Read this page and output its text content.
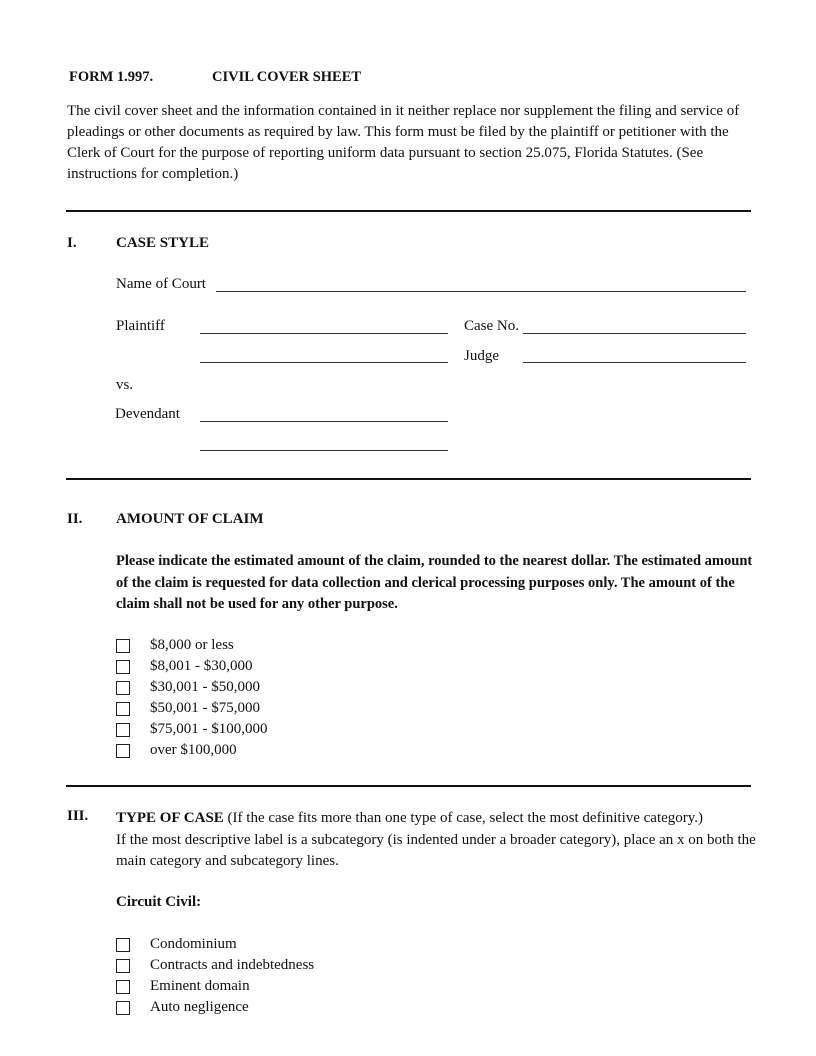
FORM 1.997.	CIVIL COVER SHEET
The civil cover sheet and the information contained in it neither replace nor supplement the filing and service of pleadings or other documents as required by law. This form must be filed by the plaintiff or petitioner with the Clerk of Court for the purpose of reporting uniform data pursuant to section 25.075, Florida Statutes. (See instructions for completion.)
I.	CASE STYLE
Name of Court
Plaintiff	Case No.
Judge
vs.
Devendant
II. AMOUNT OF CLAIM
Please indicate the estimated amount of the claim, rounded to the nearest dollar. The estimated amount of the claim is requested for data collection and clerical processing purposes only. The amount of the claim shall not be used for any other purpose.
$8,000 or less
$8,001 - $30,000
$30,001 - $50,000
$50,001 - $75,000
$75,001 - $100,000
over $100,000
III. TYPE OF CASE (If the case fits more than one type of case, select the most definitive category.)
If the most descriptive label is a subcategory (is indented under a broader category), place an x on both the main category and subcategory lines.
Circuit Civil:
Condominium
Contracts and indebtedness
Eminent domain
Auto negligence
